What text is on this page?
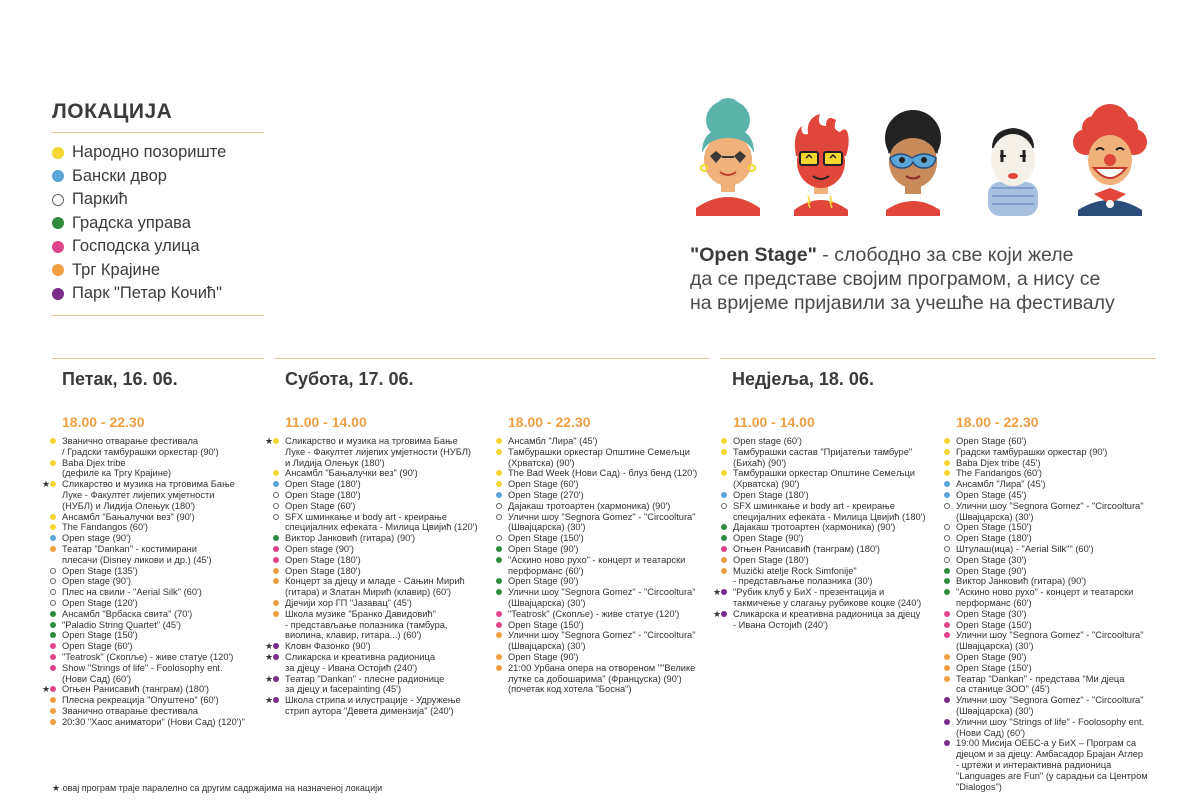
ЛОКАЦИЈА
Народно позориште
Бански двор
Паркић
Градска управа
Господска улица
Трг Крајине
Парк "Петар Кочић"
"Open Stage" - слободно за све који желе
да се представе својим програмом, а нису се
на вријеме пријавили за учешће на фестивалу
Петак, 16. 06.	Субота, 17. 06.	Недјеља, 18. 06.
18.00 - 22.30
Званично отварање фестивала
/ Градски тамбурашки оркестар (90')
Baba Djex tribe
(дефиле ка Тргу Крајине)
★ Сликарство и музика на трговима Бање
Луке - Факултет лијепих умјетности
(НУБЛ) и Лидија Олењук (180')
Ансамбл "Бањалучки вез" (90')
The Fandangos (60')
Open stage (90')
Театар "Dankan" - костимирани
плесачи (Disney ликови и др.) (45')
Open Stage (135')
Open stage (90')
Плес на свили - "Aerial Silk" (60')
Open Stage (120')
Ансамбл "Врбаска свита" (70')
"Paladio String Quartet" (45')
Open Stage (150')
Open Stage (60')
"Teatrosk" (Скопље) - живе статуе (120')
Show "Strings of life" - Foolosophy ent.
(Нови Сад) (60')
★ Огњен Ранисавић (танграм) (180')
Плесна рекреација "Опуштено" (60')
Званично отварање фестивала
20:30 "Хаос аниматори" (Нови Сад) (120')"
11.00 - 14.00
★ Сликарство и музика на трговима Бање
Луке - Факултет лијепих умјетности (НУБЛ)
и Лидија Олењук (180')
Ансамбл "Бањалучки вез" (90')
Open Stage (180')
Open Stage (180')
Open Stage (60')
SFX шминкање и body art - креирање
специјалних ефеката - Милица Цвијић (120')
Виктор Јанковић (гитара) (90')
Open stage (90')
Open Stage (180')
Open Stage (180')
Концерт за дјецу и младе - Сањин Мирић
(гитара) и Златан Мирић (клавир) (60')
Дјечији хор ГП "Јазавац" (45')
Школа музике "Бранко Давидовић"
- представљање полазника (тамбура,
виолина, клавир, гитара...) (60')
★ Кловн Фазонко (90')
★ Сликарска и креативна радионица
за дјецу - Ивана Остојић (240')
★ Театар "Dankan" - плесне радионице
за дјецу и facepainting (45')
★ Школа стрипа и илустрације - Удружење
стрип аутора "Девета димензија" (240')
18.00 - 22.30
Ансамбл "Лира" (45')
Тамбурашки оркестар Општине Семељци
(Хрватска) (90')
The Bad Week (Нови Сад) - блуз бенд (120')
Open Stage (60')
Open Stage (270')
Дајакаш тротоартен (хармоника) (90')
Улични шоу "Segnora Gomez" - "Circooltura"
(Швајцарска) (30')
Open Stage (150')
Open Stage (90')
"Аскино ново рухо" - концерт и театарски
перформанс (60')
Open Stage (90')
Улични шоу "Segnora Gomez" - "Circooltura"
(Швајцарска) (30')
"Teatrosk" (Скопље) - живе статуе (120')
Open Stage (150')
Улични шоу "Segnora Gomez" - "Circooltura"
(Швајцарска) (30')
Open Stage (90')
21:00 Урбана опера на отвореном ""Велике
лутке са добошарима" (Француска) (90')
(почетак код хотела "Босна")
11.00 - 14.00
Open stage (60')
Тамбурашки састав "Пријатељи тамбуре"
(Бихаћ) (90')
Тамбурашки оркестар Општине Семељци
(Хрватска) (90')
Open Stage (180')
SFX шминкање и body art - креирање
специјалних ефеката - Милица Цвијић (180')
Дајакаш тротоартен (хармоника) (90')
Open Stage (90')
Огњен Ранисавић (танграм) (180')
Open Stage (180')
Muzički atelje Rock Simfonije"
- представљање полазника (30')
★ "Рубик клуб у БиХ - презентација и
такмичење у слагању рубикове коцке (240')
★ Сликарска и креативна радионица за дјецу
- Ивана Остојић (240')
18.00 - 22.30
Open Stage (60')
Градски тамбурашки оркестар (90')
Baba Djex tribe (45')
The Fandangos (60')
Ансамбл "Лира" (45')
Open Stage (45')
Улични шоу "Segnora Gomez" - "Circooltura"
(Швајцарска) (30')
Open Stage (150')
Open Stage (180')
Штулаш(ица) - "Aerial Silk"" (60')
Open Stage (30')
Open Stage (90')
Виктор Јанковић (гитара) (90')
"Аскино ново рухо" - концерт и театарски
перформанс (60')
Open Stage (30')
Open Stage (150')
Улични шоу "Segnora Gomez" - "Circooltura"
(Швајцарска) (30')
Open Stage (90')
Open Stage (150')
Театар "Dankan" - представа "Ми дјеца
са станице ЗОО" (45')
Улични шоу "Segnora Gomez" - "Circooltura"
(Швајцарска) (30')
Улични шоу "Strings of life" - Foolosophy ent.
(Нови Сад) (60')
19:00 Мисија ОЕБС-а у БиХ – Програм са
дјецом и за дјецу: Амбасадор Брајан Аглер
- цртежи и интерактивна радионица
"Languages are Fun" (у сарадњи са Центром
"Dialogos")
★ овај програм траје паралелно са другим садржајима на назначеној локацији
